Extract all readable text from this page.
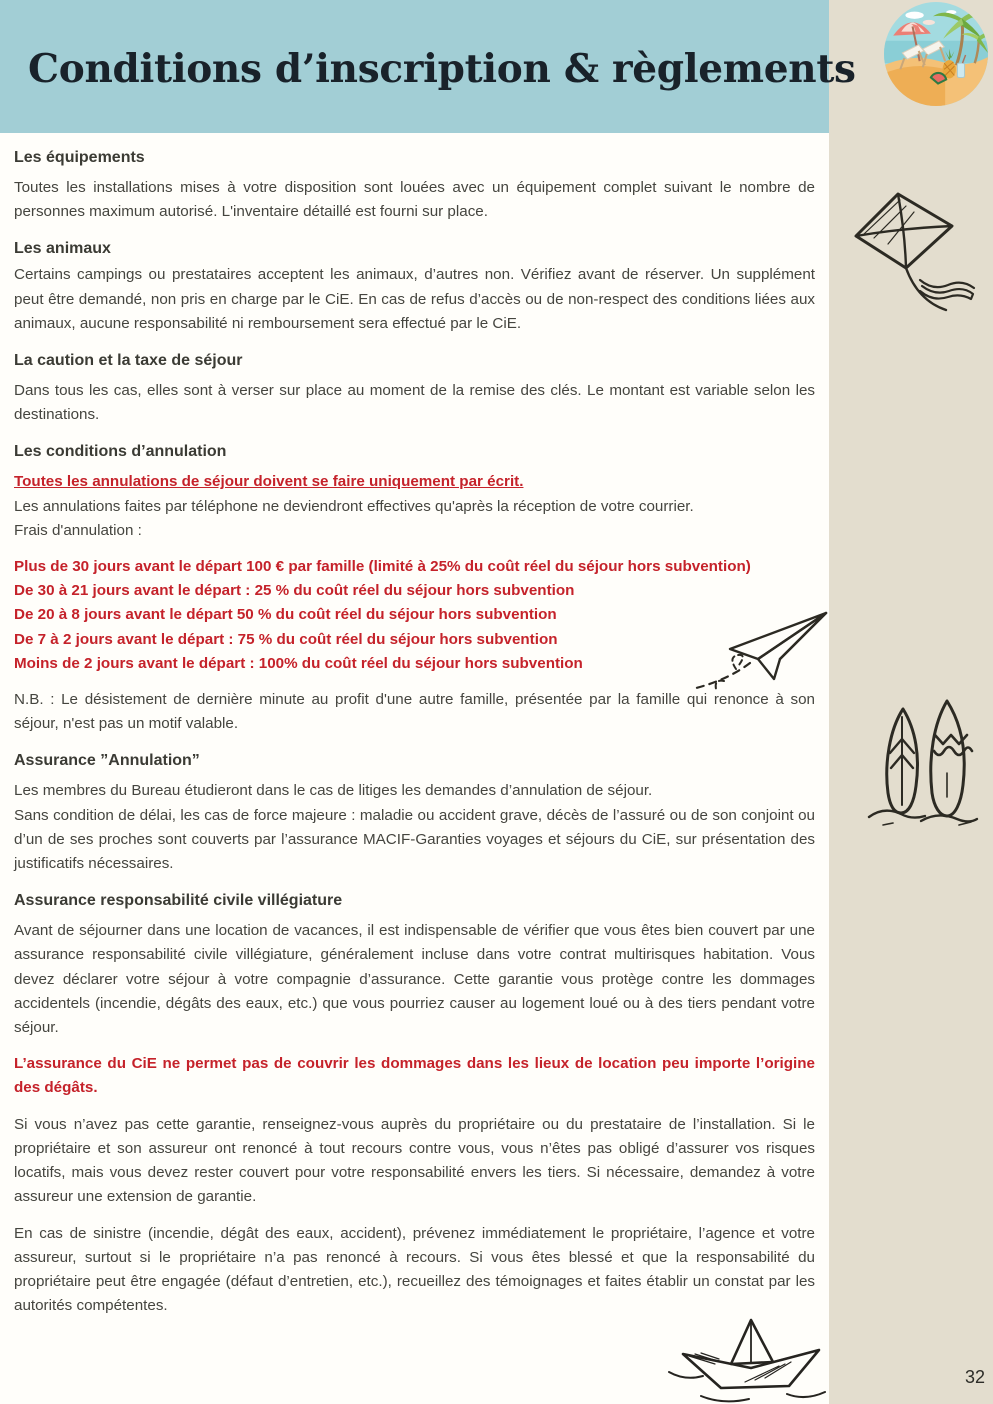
Conditions d’inscription & règlements
Les équipements

Toutes les installations mises à votre disposition sont louées avec un équipement complet suivant le nombre de personnes maximum autorisé. L'inventaire détaillé est fourni sur place.

Les animaux

Certains campings ou prestataires acceptent les animaux, d’autres non. Vérifiez avant de réserver. Un supplément peut être demandé, non pris en charge par le CiE. En cas de refus d’accès ou de non-respect des conditions liées aux animaux, aucune responsabilité ni remboursement sera effectué par le CiE.

La caution et la taxe de séjour

Dans tous les cas, elles sont à verser sur place au moment de la remise des clés. Le montant est variable selon les destinations.

Les conditions d’annulation
Toutes les annulations de séjour doivent se faire uniquement par écrit.
Les annulations faites par téléphone ne deviendront effectives qu'après la réception de votre courrier.
Frais d'annulation :
Plus de 30 jours avant le départ 100 € par famille (limité à 25% du coût réel du séjour hors subvention)
De 30 à 21 jours avant le départ : 25 % du coût réel du séjour hors subvention
De 20 à 8 jours avant le départ 50 % du coût réel du séjour hors subvention
De 7 à 2 jours avant le départ : 75 % du coût réel du séjour hors subvention
Moins de 2 jours avant le départ : 100% du coût réel du séjour hors subvention

N.B. : Le désistement de dernière minute au profit d'une autre famille, présentée par la famille qui renonce à son séjour, n'est pas un motif valable.

Assurance ”Annulation”
Les membres du Bureau étudieront dans le cas de litiges les demandes d’annulation de séjour.
Sans condition de délai, les cas de force majeure : maladie ou accident grave, décès de l’assuré ou de son conjoint ou d’un de ses proches sont couverts par l’assurance MACIF-Garanties voyages et séjours du CiE, sur présentation des justificatifs nécessaires.
Assurance responsabilité civile villégiature

Avant de séjourner dans une location de vacances, il est indispensable de vérifier que vous êtes bien couvert par une assurance responsabilité civile villégiature, généralement incluse dans votre contrat multirisques habitation. Vous devez déclarer votre séjour à votre compagnie d’assurance. Cette garantie vous protège contre les dommages accidentels (incendie, dégâts des eaux, etc.) que vous pourriez causer au logement loué ou à des tiers pendant votre séjour.

L’assurance du CiE ne permet pas de couvrir les dommages dans les lieux de location peu importe l’origine des dégâts.

Si vous n’avez pas cette garantie, renseignez-vous auprès du propriétaire ou du prestataire de l’installation. Si le propriétaire et son assureur ont renoncé à tout recours contre vous, vous n’êtes pas obligé d’assurer vos risques locatifs, mais vous devez rester couvert pour votre responsabilité envers les tiers. Si nécessaire, demandez à votre assureur une extension de garantie.

En cas de sinistre (incendie, dégât des eaux, accident), prévenez immédiatement le propriétaire, l’agence et votre assureur, surtout si le propriétaire n’a pas renoncé à recours. Si vous êtes blessé et que la responsabilité du propriétaire peut être engagée (défaut d’entretien, etc.), recueillez des témoignages et faites établir un constat par les autorités compétentes.

32
